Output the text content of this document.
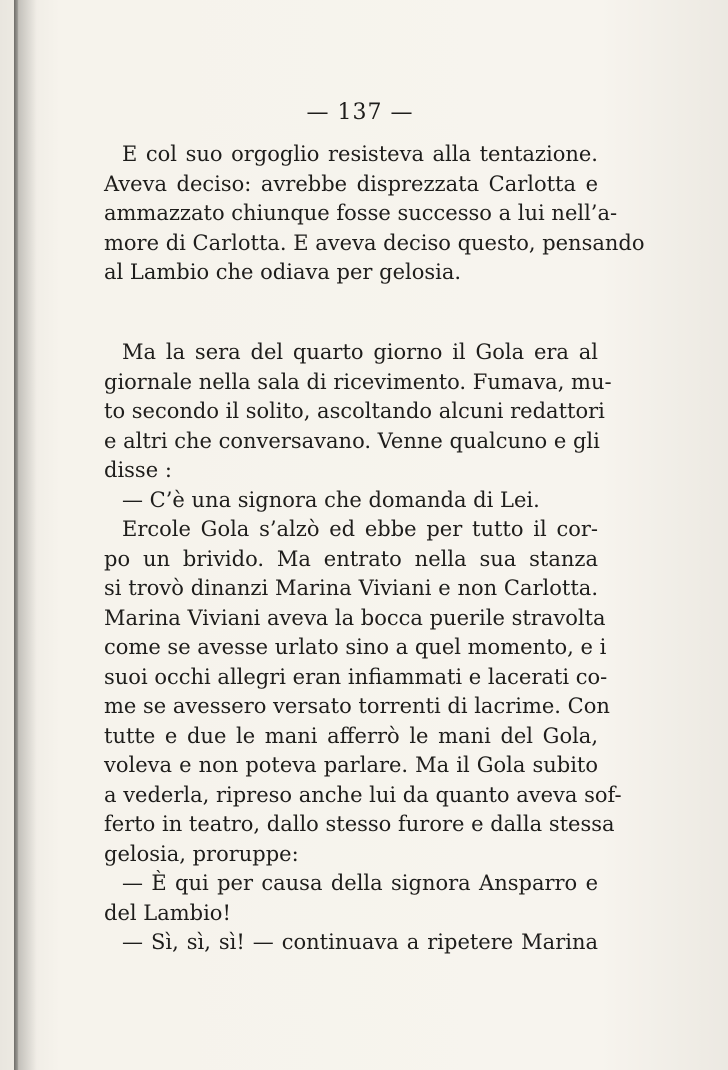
— 137 —
E col suo orgoglio resisteva alla tentazione.
Aveva deciso: avrebbe disprezzata Carlotta e
ammazzato chiunque fosse successo a lui nell’a-
more di Carlotta. E aveva deciso questo, pensando
al Lambio che odiava per gelosia.
Ma la sera del quarto giorno il Gola era al
giornale nella sala di ricevimento. Fumava, mu-
to secondo il solito, ascoltando alcuni redattori
e altri che conversavano. Venne qualcuno e gli
disse :
— C’è una signora che domanda di Lei.
Ercole Gola s’alzò ed ebbe per tutto il cor-
po un brivido. Ma entrato nella sua stanza
si trovò dinanzi Marina Viviani e non Carlotta.
Marina Viviani aveva la bocca puerile stravolta
come se avesse urlato sino a quel momento, e i
suoi occhi allegri eran infiammati e lacerati co-
me se avessero versato torrenti di lacrime. Con
tutte e due le mani afferrò le mani del Gola,
voleva e non poteva parlare. Ma il Gola subito
a vederla, ripreso anche lui da quanto aveva sof-
ferto in teatro, dallo stesso furore e dalla stessa
gelosia, proruppe:
— È qui per causa della signora Ansparro e
del Lambio!
— Sì, sì, sì! — continuava a ripetere Marina
